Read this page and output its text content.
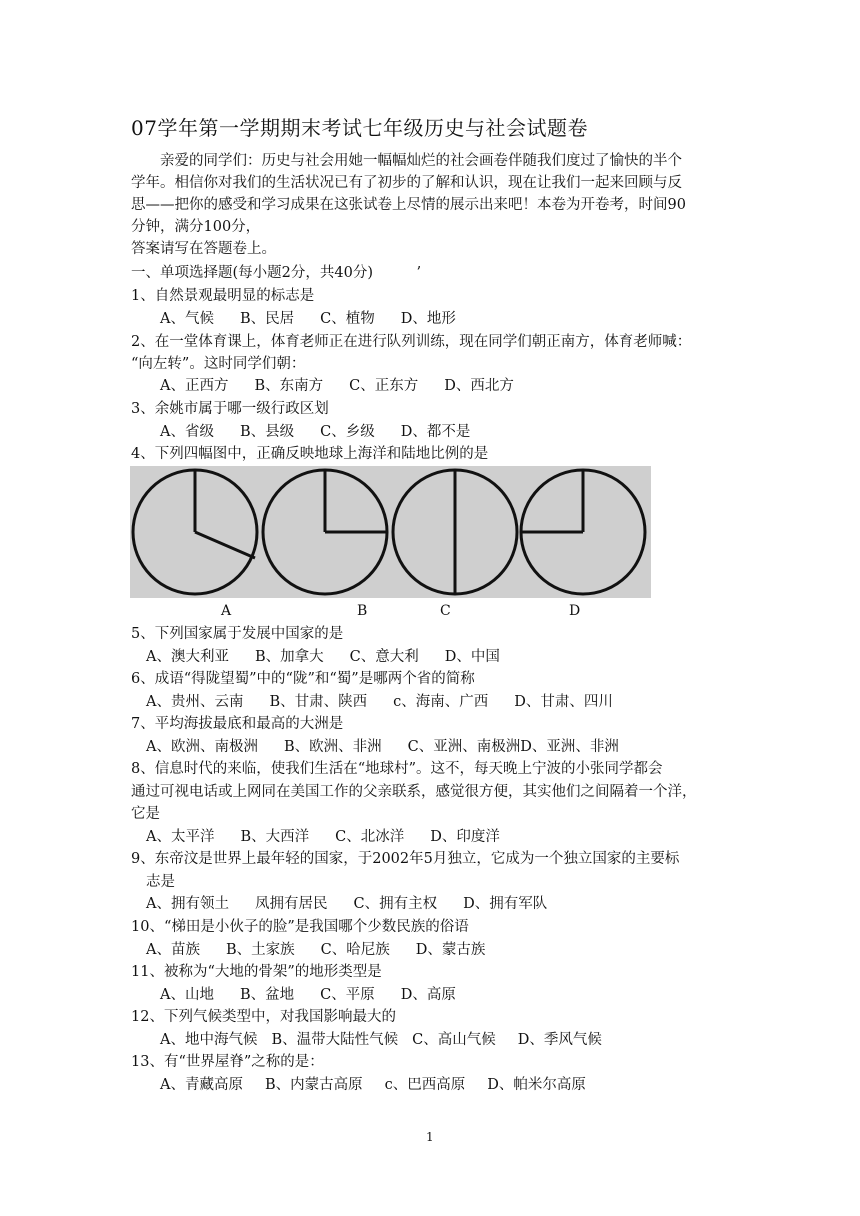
07学年第一学期期末考试七年级历史与社会试题卷
　　亲爱的同学们：历史与社会用她一幅幅灿烂的社会画卷伴随我们度过了愉快的半个
学年。相信你对我们的生活状况已有了初步的了解和认识，现在让我们一起来回顾与反
思——把你的感受和学习成果在这张试卷上尽情的展示出来吧！本卷为开卷考，时间90
分钟，满分100分，
答案请写在答题卷上。
一、单项选择题(每小题2分，共40分)　　　’
1、自然景观最明显的标志是
A、气候 B、民居 C、植物 D、地形
2、在一堂体育课上，体育老师正在进行队列训练，现在同学们朝正南方，体育老师喊：
“向左转”。这时同学们朝：
A、正西方 B、东南方 C、正东方 D、西北方
3、余姚市属于哪一级行政区划
A、省级 B、县级 C、乡级 D、都不是
4、下列四幅图中，正确反映地球上海洋和陆地比例的是
A	B	C	D
5、下列国家属于发展中国家的是
A、澳大利亚 B、加拿大 C、意大利 D、中国
6、成语“得陇望蜀”中的“陇”和“蜀”是哪两个省的简称
A、贵州、云南 B、甘肃、陕西 c、海南、广西 D、甘肃、四川
7、平均海拔最底和最高的大洲是
A、欧洲、南极洲 B、欧洲、非洲 C、亚洲、南极洲D、亚洲、非洲
8、信息时代的来临，使我们生活在“地球村”。这不，每天晚上宁波的小张同学都会
通过可视电话或上网同在美国工作的父亲联系，感觉很方便，其实他们之间隔着一个洋，
它是
A、太平洋 B、大西洋 C、北冰洋 D、印度洋
9、东帝汶是世界上最年轻的国家，于2002年5月独立，它成为一个独立国家的主要标
志是
A、拥有领土 凤拥有居民 C、拥有主权 D、拥有军队
10、“梯田是小伙子的脸”是我国哪个少数民族的俗语
A、苗族 B、土家族 C、哈尼族 D、蒙古族
11、被称为“大地的骨架”的地形类型是
A、山地 B、盆地 C、平原 D、高原
12、下列气候类型中，对我国影响最大的
A、地中海气候 B、温带大陆性气候 C、高山气候 D、季风气候
13、有“世界屋脊”之称的是：
A、青藏高原 B、内蒙古高原 c、巴西高原 D、帕米尔高原
1
